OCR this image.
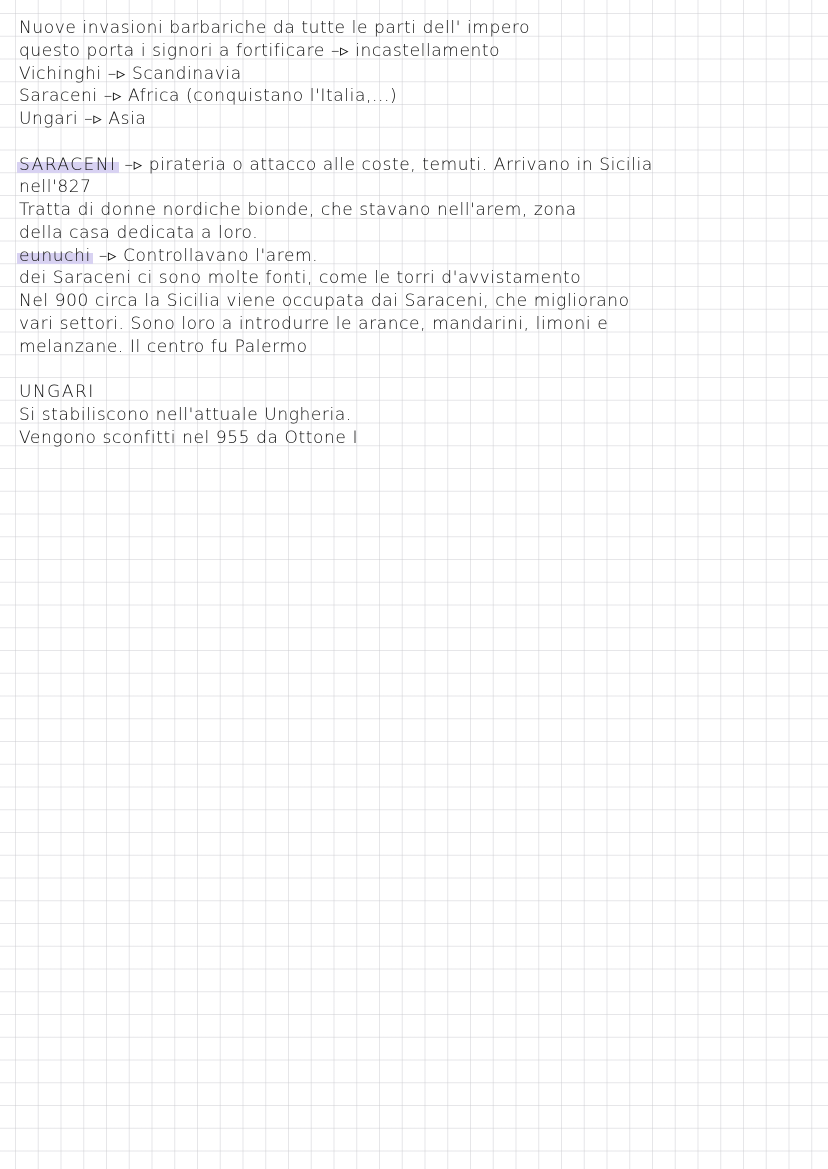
Nuove invasioni barbariche da tutte le parti dell' impero
questo porta i signori a fortificare –▹ incastellamento
Vichinghi –▹ Scandinavia
Saraceni –▹ Africa (conquistano l'Italia,...)
Ungari –▹ Asia
SARACENI –▹ pirateria o attacco alle coste, temuti. Arrivano in Sicilia
nell'827
Tratta di donne nordiche bionde, che stavano nell'arem, zona
della casa dedicata a loro.
eunuchi –▹ Controllavano l'arem.
dei Saraceni ci sono molte fonti, come le torri d'avvistamento
Nel 900 circa la Sicilia viene occupata dai Saraceni, che migliorano
vari settori. Sono loro a introdurre le arance, mandarini, limoni e
melanzane. Il centro fu Palermo
UNGARI
Si stabiliscono nell'attuale Ungheria.
Vengono sconfitti nel 955 da Ottone I
